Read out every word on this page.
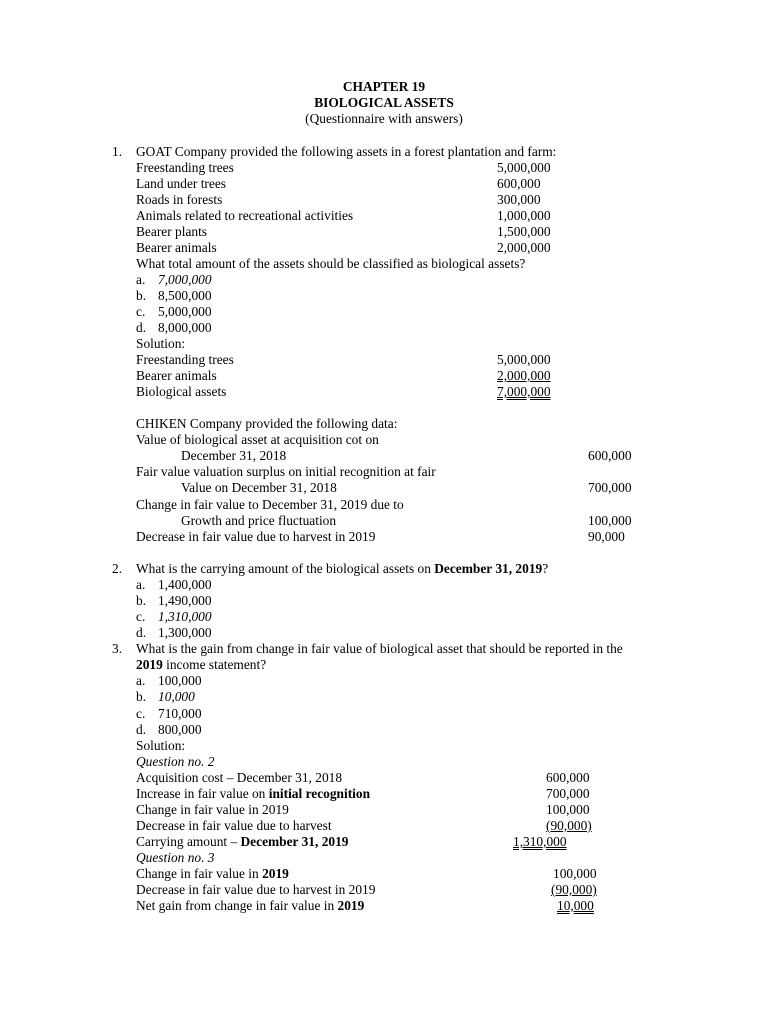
CHAPTER 19
BIOLOGICAL ASSETS
(Questionnaire with answers)
1. GOAT Company provided the following assets in a forest plantation and farm:
Freestanding trees	5,000,000
Land under trees	600,000
Roads in forests	300,000
Animals related to recreational activities	1,000,000
Bearer plants	1,500,000
Bearer animals	2,000,000
What total amount of the assets should be classified as biological assets?
a. 7,000,000
b. 8,500,000
c. 5,000,000
d. 8,000,000
Solution:
Freestanding trees	5,000,000
Bearer animals	2,000,000
Biological assets	7,000,000
CHIKEN Company provided the following data:
Value of biological asset at acquisition cot on
December 31, 2018	600,000
Fair value valuation surplus on initial recognition at fair
Value on December 31, 2018	700,000
Change in fair value to December 31, 2019 due to
Growth and price fluctuation	100,000
Decrease in fair value due to harvest in 2019	90,000
2. What is the carrying amount of the biological assets on December 31, 2019?
a. 1,400,000
b. 1,490,000
c. 1,310,000
d. 1,300,000
3. What is the gain from change in fair value of biological asset that should be reported in the
2019 income statement?
a. 100,000
b. 10,000
c. 710,000
d. 800,000
Solution:
Question no. 2
Acquisition cost – December 31, 2018	600,000
Increase in fair value on initial recognition	700,000
Change in fair value in 2019	100,000
Decrease in fair value due to harvest	(90,000)
Carrying amount – December 31, 2019	1,310,000
Question no. 3
Change in fair value in 2019	100,000
Decrease in fair value due to harvest in 2019	(90,000)
Net gain from change in fair value in 2019	10,000
